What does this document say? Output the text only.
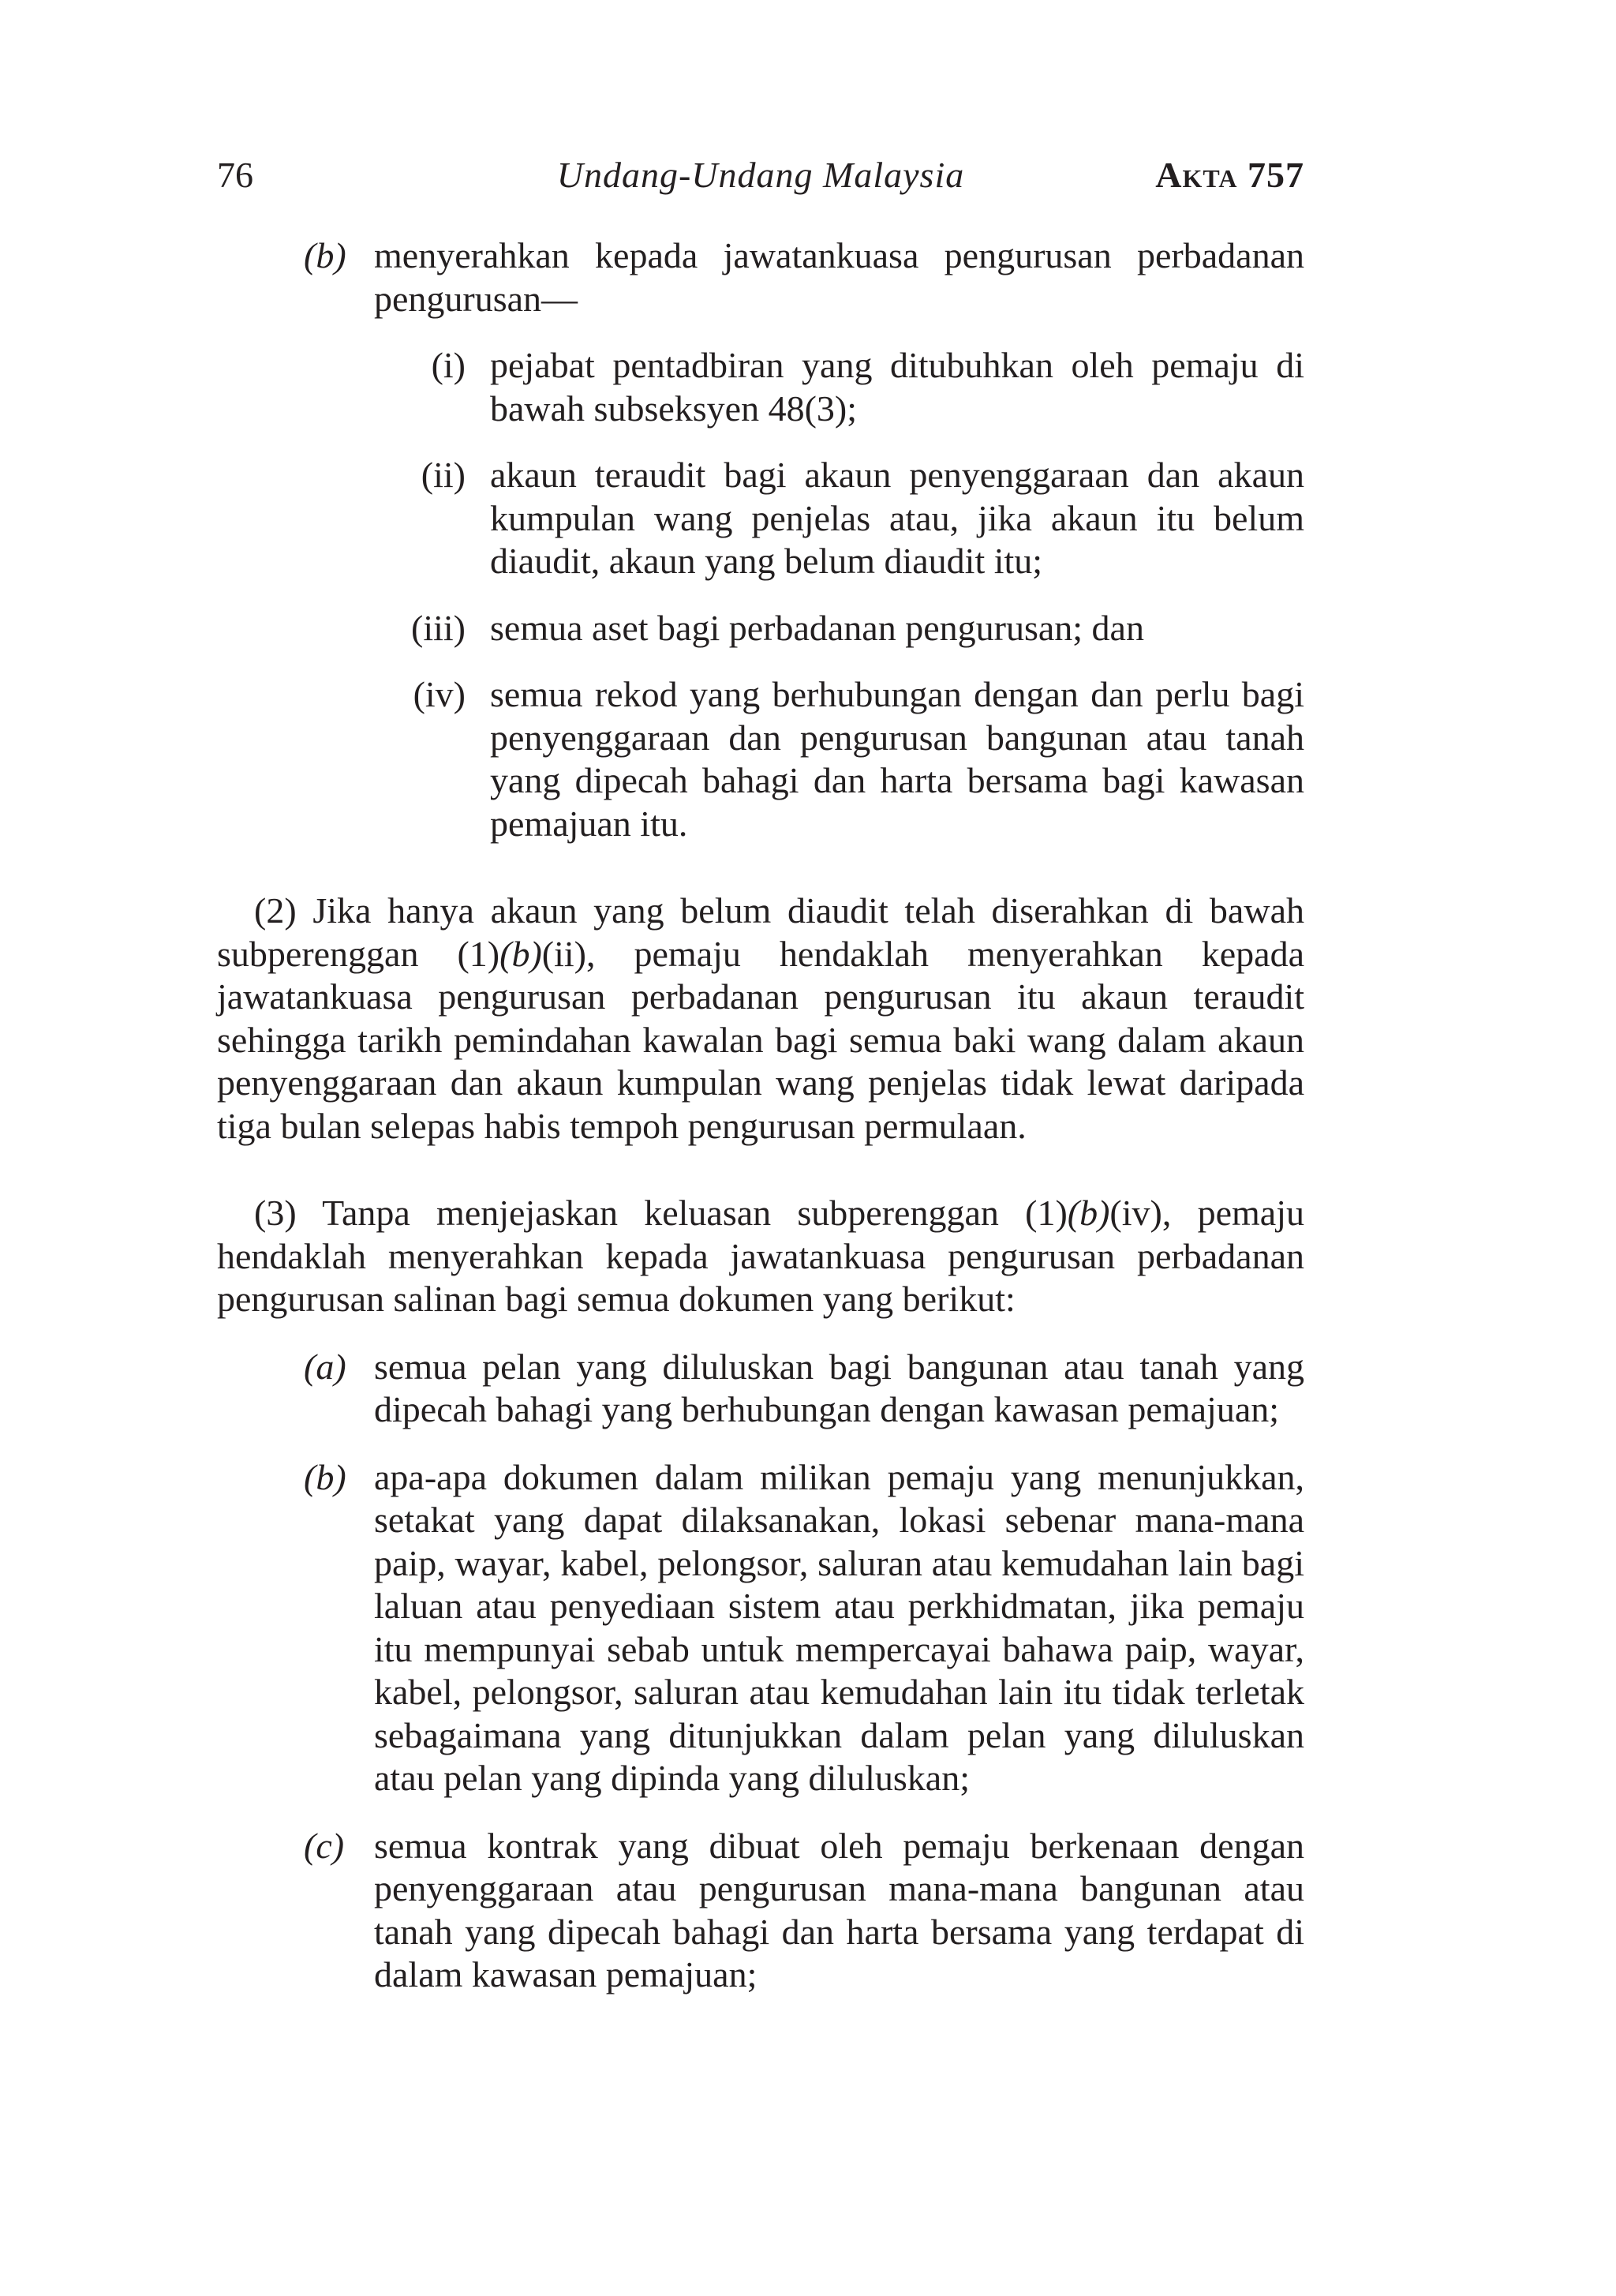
76	Undang-Undang Malaysia	Akta 757
(b) menyerahkan kepada jawatankuasa pengurusan perbadanan pengurusan—
(i) pejabat pentadbiran yang ditubuhkan oleh pemaju di bawah subseksyen 48(3);
(ii) akaun teraudit bagi akaun penyenggaraan dan akaun kumpulan wang penjelas atau, jika akaun itu belum diaudit, akaun yang belum diaudit itu;
(iii) semua aset bagi perbadanan pengurusan; dan
(iv) semua rekod yang berhubungan dengan dan perlu bagi penyenggaraan dan pengurusan bangunan atau tanah yang dipecah bahagi dan harta bersama bagi kawasan pemajuan itu.
(2) Jika hanya akaun yang belum diaudit telah diserahkan di bawah subperenggan (1)(b)(ii), pemaju hendaklah menyerahkan kepada jawatankuasa pengurusan perbadanan pengurusan itu akaun teraudit sehingga tarikh pemindahan kawalan bagi semua baki wang dalam akaun penyenggaraan dan akaun kumpulan wang penjelas tidak lewat daripada tiga bulan selepas habis tempoh pengurusan permulaan.
(3) Tanpa menjejaskan keluasan subperenggan (1)(b)(iv), pemaju hendaklah menyerahkan kepada jawatankuasa pengurusan perbadanan pengurusan salinan bagi semua dokumen yang berikut:
(a) semua pelan yang diluluskan bagi bangunan atau tanah yang dipecah bahagi yang berhubungan dengan kawasan pemajuan;
(b) apa-apa dokumen dalam milikan pemaju yang menunjukkan, setakat yang dapat dilaksanakan, lokasi sebenar mana-mana paip, wayar, kabel, pelongsor, saluran atau kemudahan lain bagi laluan atau penyediaan sistem atau perkhidmatan, jika pemaju itu mempunyai sebab untuk mempercayai bahawa paip, wayar, kabel, pelongsor, saluran atau kemudahan lain itu tidak terletak sebagaimana yang ditunjukkan dalam pelan yang diluluskan atau pelan yang dipinda yang diluluskan;
(c) semua kontrak yang dibuat oleh pemaju berkenaan dengan penyenggaraan atau pengurusan mana-mana bangunan atau tanah yang dipecah bahagi dan harta bersama yang terdapat di dalam kawasan pemajuan;
